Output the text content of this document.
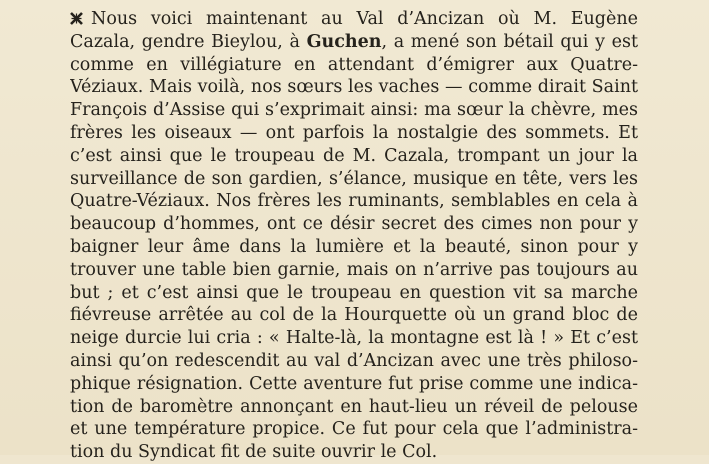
Nous voici maintenant au Val d’Ancizan où M. Eugène
Cazala, gendre Bieylou, à Guchen, a mené son bétail qui y est
comme en villégiature en attendant d’émigrer aux Quatre-
Véziaux. Mais voilà, nos sœurs les vaches — comme dirait Saint
François d’Assise qui s’exprimait ainsi: ma sœur la chèvre, mes
frères les oiseaux — ont parfois la nostalgie des sommets. Et
c’est ainsi que le troupeau de M. Cazala, trompant un jour la
surveillance de son gardien, s’élance, musique en tête, vers les
Quatre-Véziaux. Nos frères les ruminants, semblables en cela à
beaucoup d’hommes, ont ce désir secret des cimes non pour y
baigner leur âme dans la lumière et la beauté, sinon pour y
trouver une table bien garnie, mais on n’arrive pas toujours au
but ; et c’est ainsi que le troupeau en question vit sa marche
fiévreuse arrêtée au col de la Hourquette où un grand bloc de
neige durcie lui cria : « Halte-là, la montagne est là ! » Et c’est
ainsi qu’on redescendit au val d’Ancizan avec une très philoso-
phique résignation. Cette aventure fut prise comme une indica-
tion de baromètre annonçant en haut-lieu un réveil de pelouse
et une température propice. Ce fut pour cela que l’administra-
tion du Syndicat fit de suite ouvrir le Col.
